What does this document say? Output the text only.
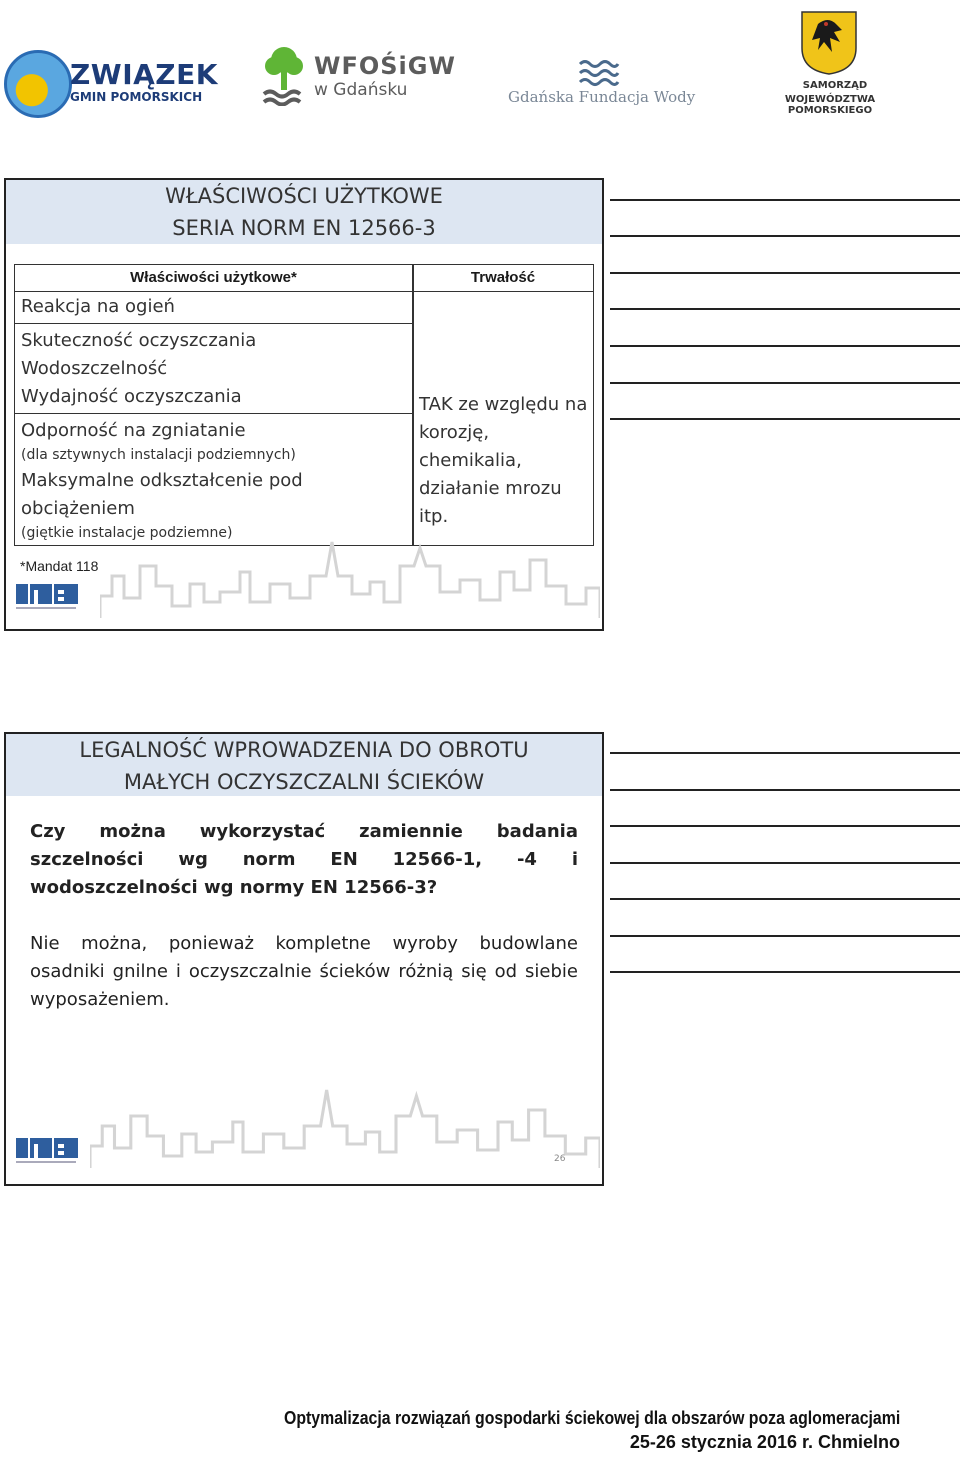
ZWIĄZEK
GMIN POMORSKICH
WFOŚiGW
w Gdańsku	Gdańska Fundacja Wody
SAMORZĄD
WOJEWÓDZTWA POMORSKIEGO
WŁAŚCIWOŚCI UŻYTKOWE
SERIA NORM EN 12566-3
Właściwości użytkowe*	Trwałość
Reakcja na ogień
Skuteczność oczyszczania
Wodoszczelność
Wydajność oczyszczania
Odporność na zgniatanie
(dla sztywnych instalacji podziemnych)
Maksymalne odkształcenie pod
obciążeniem
(giętkie instalacje podziemne)
TAK ze względu na korozję, chemikalia, działanie mrozu itp.
*Mandat 118
LEGALNOŚĆ WPROWADZENIA DO OBROTU
MAŁYCH OCZYSZCZALNI ŚCIEKÓW
Czy można wykorzystać zamiennie badania szczelności wg norm EN 12566-1, -4 i wodoszczelności wg normy EN 12566-3?
Nie można, ponieważ kompletne wyroby budowlane osadniki gnilne i oczyszczalnie ścieków różnią się od siebie wyposażeniem.
26
Optymalizacja rozwiązań gospodarki ściekowej dla obszarów poza aglomeracjami
25-26 stycznia 2016 r. Chmielno
